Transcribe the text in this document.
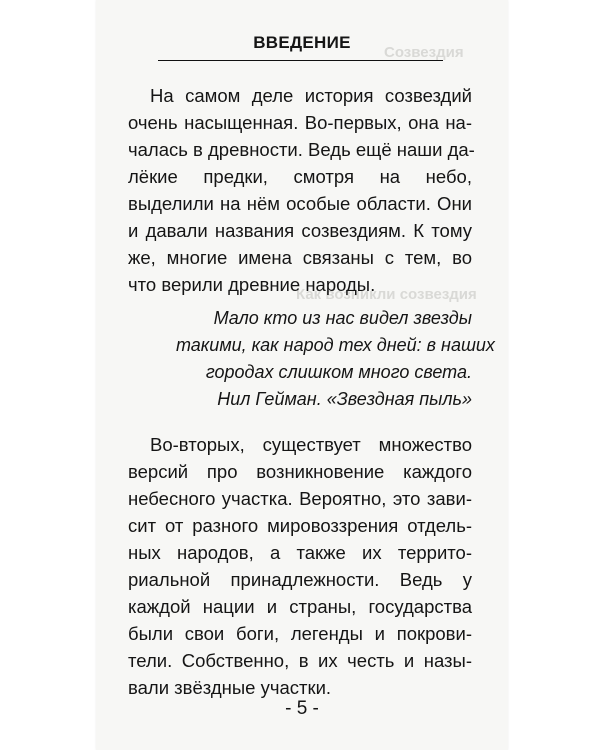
Созвездия
Как возникли созвездия
ВВЕДЕНИЕ
На самом деле история созвездий
очень насыщенная. Во-первых, она на-
чалась в древности. Ведь ещё наши да-
лёкие предки, смотря на небо,
выделили на нём особые области. Они
и давали названия созвездиям. К тому
же, многие имена связаны с тем, во
что верили древние народы.
Мало кто из нас видел звезды
такими, как народ тех дней: в наших
городах слишком много света.
Нил Гейман. «Звездная пыль»
Во-вторых, существует множество
версий про возникновение каждого
небесного участка. Вероятно, это зави-
сит от разного мировоззрения отдель-
ных народов, а также их террито-
риальной принадлежности. Ведь у
каждой нации и страны, государства
были свои боги, легенды и покрови-
тели. Собственно, в их честь и назы-
вали звёздные участки.
- 5 -
